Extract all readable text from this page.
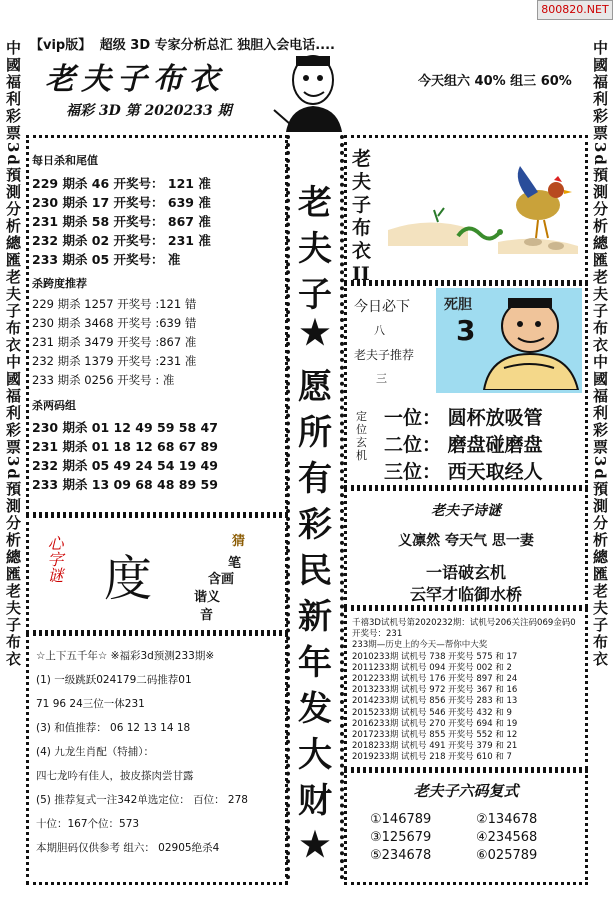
800820.NET
【vip版】 超级 3D 专家分析总汇 独胆入会电话....
老夫子布衣
福彩 3D 第 2020233 期
今天组六 40% 组三 60%
中國福利彩票3d預測分析總匯老夫子布衣中國福利彩票3d預測分析總匯老夫子布衣	中國福利彩票3d預測分析總匯老夫子布衣中國福利彩票3d預測分析總匯老夫子布衣
每日杀和尾值
229 期杀 46 开奖号： 121 准
230 期杀 17 开奖号： 639 准
231 期杀 58 开奖号： 867 准
232 期杀 02 开奖号： 231 准
233 期杀 05 开奖号： 准
杀跨度推荐
229 期杀 1257 开奖号 :121 错
230 期杀 3468 开奖号 :639 错
231 期杀 3479 开奖号 :867 准
232 期杀 1379 开奖号 :231 准
233 期杀 0256 开奖号 : 准
杀两码组
230 期杀 01 12 49 59 58 47
231 期杀 01 18 12 68 67 89
232 期杀 05 49 24 54 19 49
233 期杀 13 09 68 48 89 59
心字谜 度
猜
笔
含画
谐义
音
☆上下五千年☆ ※福彩3d预测233期※
(1) 一级跳跃024179二码推荐01
71 96 24三位一体231
(3) 和值推荐： 06 12 13 14 18
(4) 九龙生肖配（特捕）：
四七龙吟有佳人，披皮搽肉尝甘露
(5) 推荐复式一注342单选定位： 百位： 278
十位：167个位：573
本期胆码仅供参考 组六： 02905绝杀4
老
夫
子
★
愿
所
有
彩
民
新
年
发
大
财
★
老
夫
子
布
衣
II
今日必下
八
老夫子推荐
三
死胆
3
定
位
玄
机
一位： 圆杯放吸管
二位： 磨盘碰磨盘
三位： 西天取经人
老夫子诗谜
义凛然 夸天气 思一妻
一语破玄机
云罕才临御水桥
千禧3D试机号第2020232期：试机号206关注码069金码0
开奖号：231
233期—历史上的今天—帮你中大奖
2010233期 试机号 738 开奖号 575 和 17
2011233期 试机号 094 开奖号 002 和 2
2012233期 试机号 176 开奖号 897 和 24
2013233期 试机号 972 开奖号 367 和 16
2014233期 试机号 856 开奖号 283 和 13
2015233期 试机号 546 开奖号 432 和 9
2016233期 试机号 270 开奖号 694 和 19
2017233期 试机号 855 开奖号 552 和 12
2018233期 试机号 491 开奖号 379 和 21
2019233期 试机号 218 开奖号 610 和 7
老夫子六码复式
①146789	②134678
③125679	④234568
⑤234678	⑥025789
